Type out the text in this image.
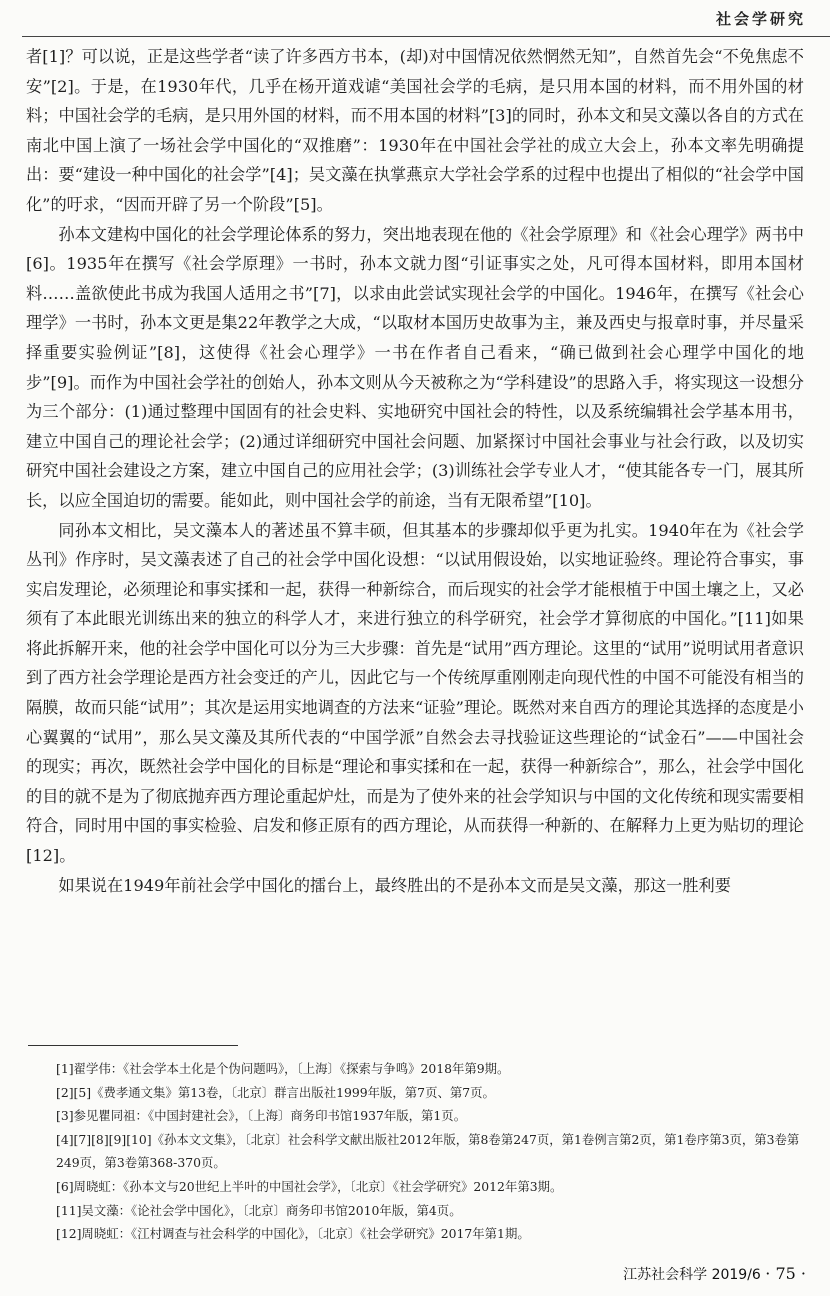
社会学研究

者[1]？可以说，正是这些学者“读了许多西方书本，(却)对中国情况依然惘然无知”，自然首先会“不免焦虑不安”[2]。于是，在1930年代，几乎在杨开道戏谑“美国社会学的毛病，是只用本国的材料，而不用外国的材料；中国社会学的毛病，是只用外国的材料，而不用本国的材料”[3]的同时，孙本文和吴文藻以各自的方式在南北中国上演了一场社会学中国化的“双推磨”：1930年在中国社会学社的成立大会上，孙本文率先明确提出：要“建设一种中国化的社会学”[4]；吴文藻在执掌燕京大学社会学系的过程中也提出了相似的“社会学中国化”的吁求，“因而开辟了另一个阶段”[5]。

孙本文建构中国化的社会学理论体系的努力，突出地表现在他的《社会学原理》和《社会心理学》两书中[6]。1935年在撰写《社会学原理》一书时，孙本文就力图“引证事实之处，凡可得本国材料，即用本国材料……盖欲使此书成为我国人适用之书”[7]，以求由此尝试实现社会学的中国化。1946年，在撰写《社会心理学》一书时，孙本文更是集22年教学之大成，“以取材本国历史故事为主，兼及西史与报章时事，并尽量采择重要实验例证”[8]，这使得《社会心理学》一书在作者自己看来，“确已做到社会心理学中国化的地步”[9]。而作为中国社会学社的创始人，孙本文则从今天被称之为“学科建设”的思路入手，将实现这一设想分为三个部分：(1)通过整理中国固有的社会史料、实地研究中国社会的特性，以及系统编辑社会学基本用书，建立中国自己的理论社会学；(2)通过详细研究中国社会问题、加紧探讨中国社会事业与社会行政，以及切实研究中国社会建设之方案，建立中国自己的应用社会学；(3)训练社会学专业人才，“使其能各专一门，展其所长，以应全国迫切的需要。能如此，则中国社会学的前途，当有无限希望”[10]。

同孙本文相比，吴文藻本人的著述虽不算丰硕，但其基本的步骤却似乎更为扎实。1940年在为《社会学丛刊》作序时，吴文藻表述了自己的社会学中国化设想：“以试用假设始，以实地证验终。理论符合事实，事实启发理论，必须理论和事实揉和一起，获得一种新综合，而后现实的社会学才能根植于中国土壤之上，又必须有了本此眼光训练出来的独立的科学人才，来进行独立的科学研究，社会学才算彻底的中国化。”[11]如果将此拆解开来，他的社会学中国化可以分为三大步骤：首先是“试用”西方理论。这里的“试用”说明试用者意识到了西方社会学理论是西方社会变迁的产儿，因此它与一个传统厚重刚刚走向现代性的中国不可能没有相当的隔膜，故而只能“试用”；其次是运用实地调查的方法来“证验”理论。既然对来自西方的理论其选择的态度是小心翼翼的“试用”，那么吴文藻及其所代表的“中国学派”自然会去寻找验证这些理论的“试金石”——中国社会的现实；再次，既然社会学中国化的目标是“理论和事实揉和在一起，获得一种新综合”，那么，社会学中国化的目的就不是为了彻底抛弃西方理论重起炉灶，而是为了使外来的社会学知识与中国的文化传统和现实需要相符合，同时用中国的事实检验、启发和修正原有的西方理论，从而获得一种新的、在解释力上更为贴切的理论[12]。

如果说在1949年前社会学中国化的擂台上，最终胜出的不是孙本文而是吴文藻，那这一胜利要

[1]翟学伟：《社会学本土化是个伪问题吗》，〔上海〕《探索与争鸣》2018年第9期。

[2][5]《费孝通文集》第13卷，〔北京〕群言出版社1999年版，第7页、第7页。

[3]参见瞿同祖：《中国封建社会》，〔上海〕商务印书馆1937年版，第1页。

[4][7][8][9][10]《孙本文文集》，〔北京〕社会科学文献出版社2012年版，第8卷第247页，第1卷例言第2页，第1卷序第3页，第3卷第249页，第3卷第368-370页。

[6]周晓虹：《孙本文与20世纪上半叶的中国社会学》，〔北京〕《社会学研究》2012年第3期。

[11]吴文藻：《论社会学中国化》，〔北京〕商务印书馆2010年版，第4页。

[12]周晓虹：《江村调查与社会科学的中国化》，〔北京〕《社会学研究》2017年第1期。

江苏社会科学 2019/6 · 75 ·
